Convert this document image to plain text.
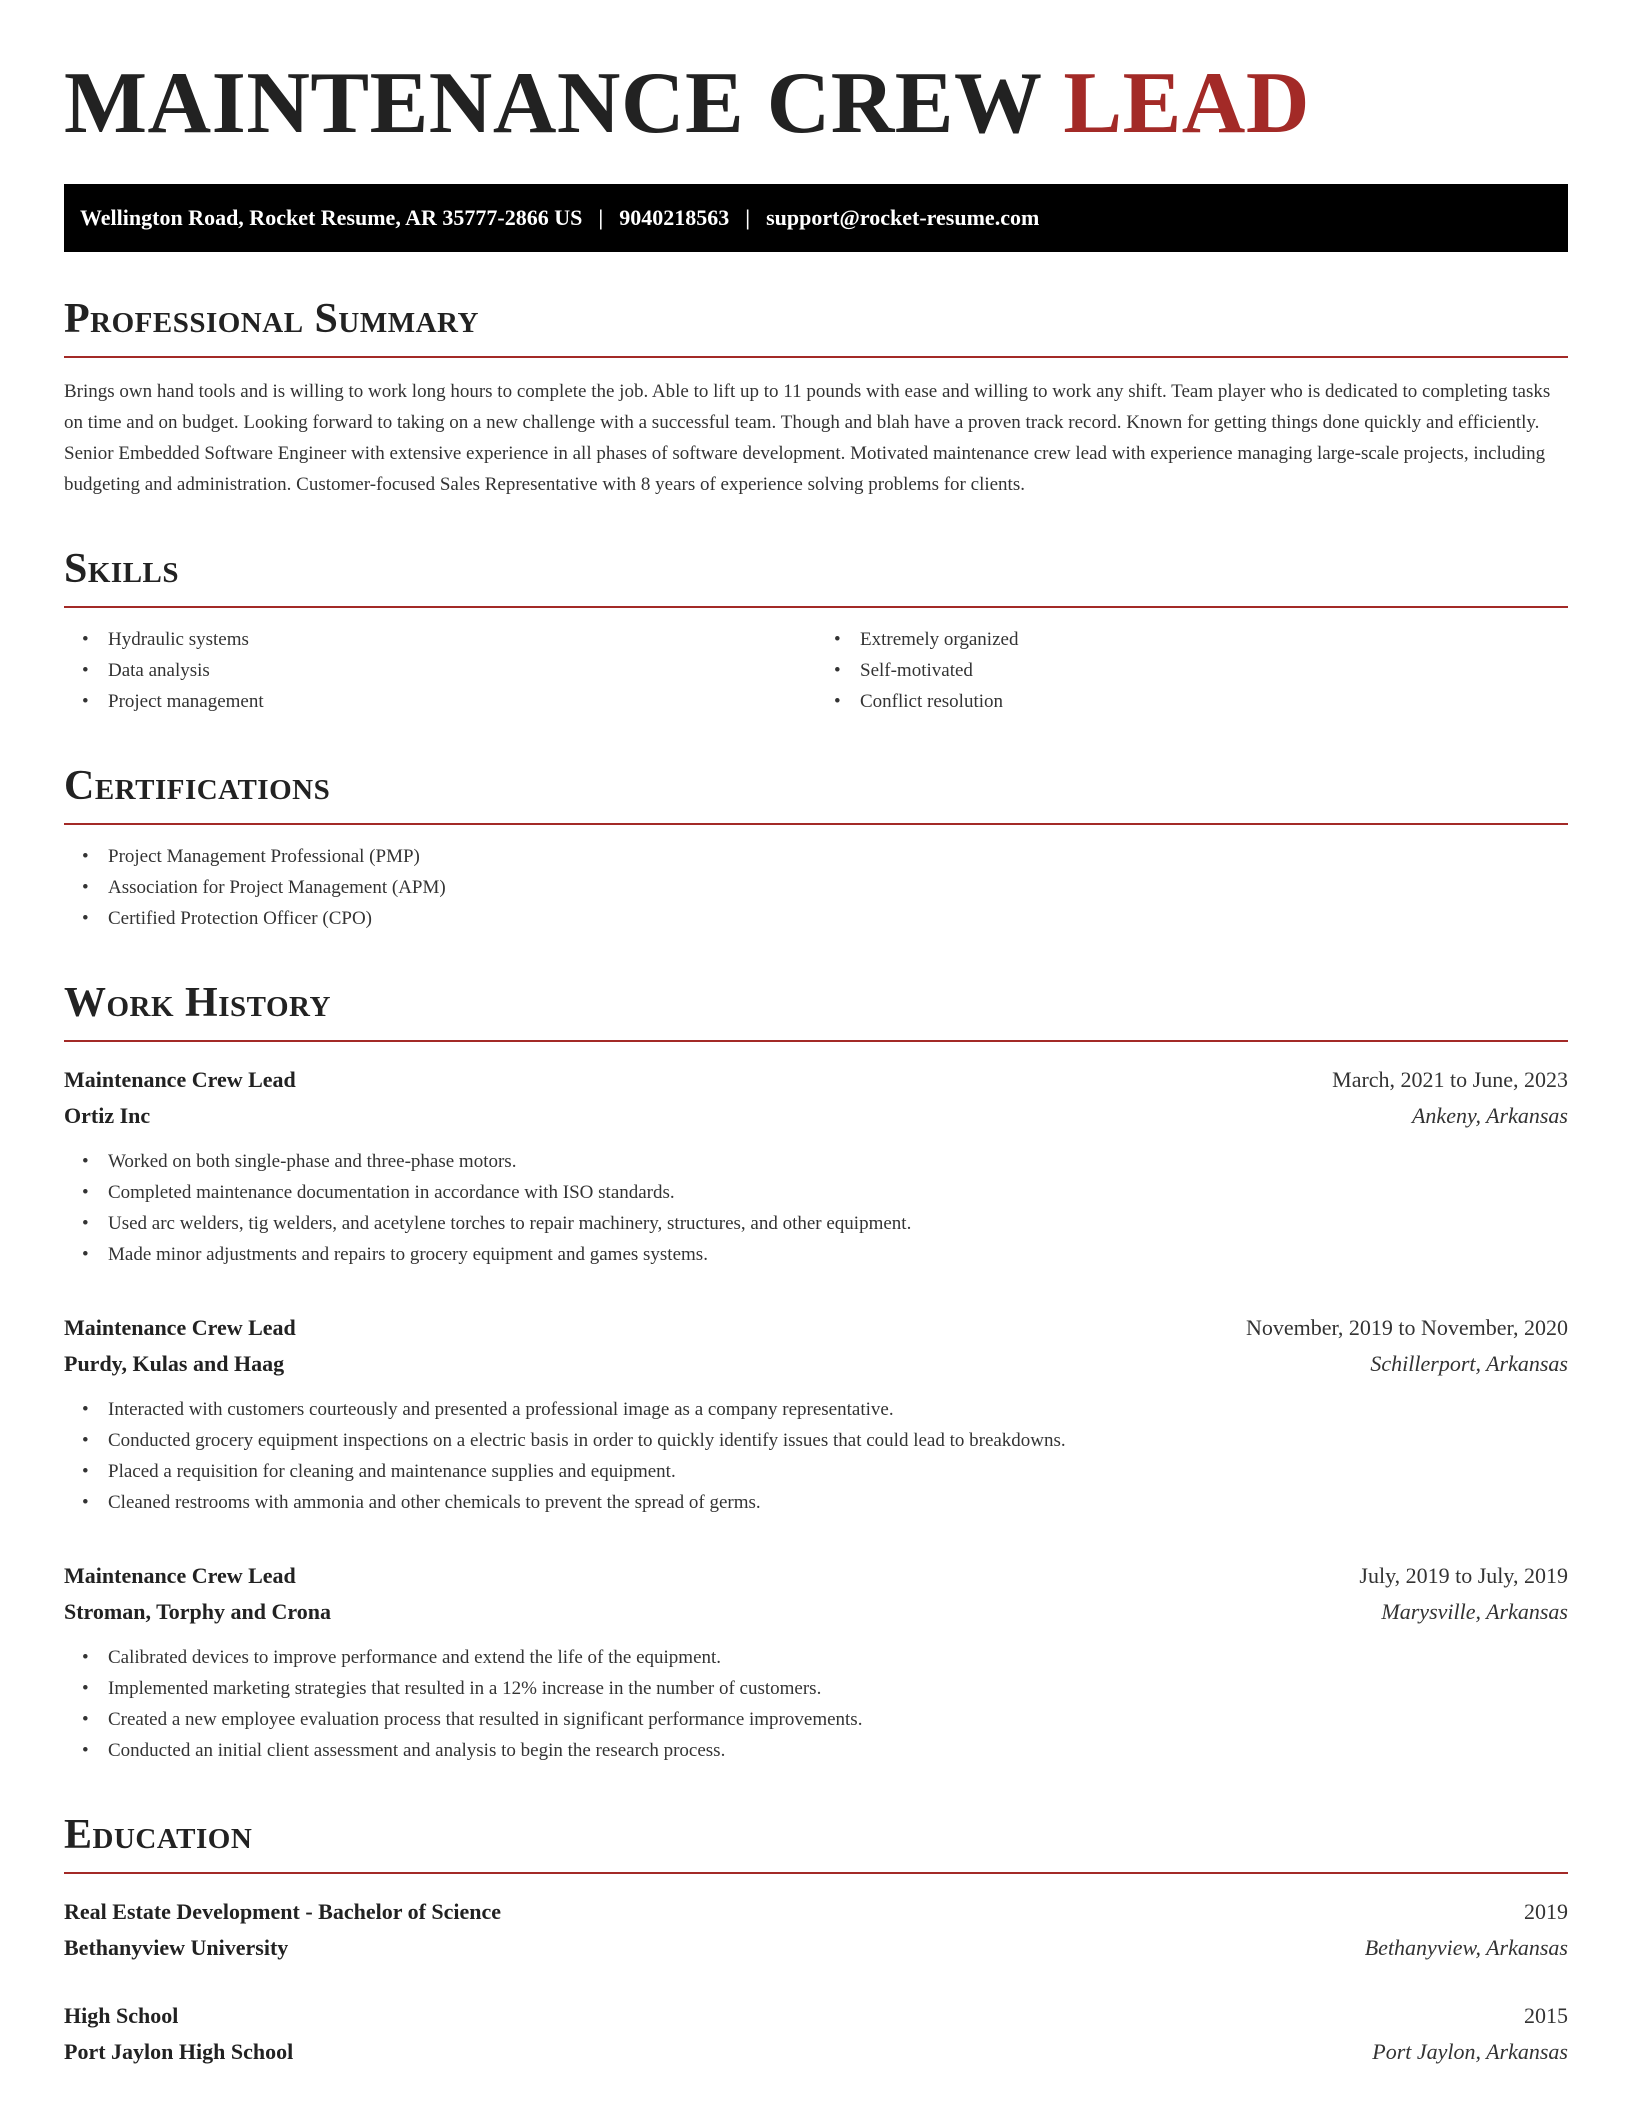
MAINTENANCE CREW LEAD
Wellington Road, Rocket Resume, AR 35777-2866 US | 9040218563 | support@rocket-resume.com
Professional Summary

Brings own hand tools and is willing to work long hours to complete the job. Able to lift up to 11 pounds with ease and willing to work any shift. Team player who is dedicated to completing tasks on time and on budget. Looking forward to taking on a new challenge with a successful team. Though and blah have a proven track record. Known for getting things done quickly and efficiently. Senior Embedded Software Engineer with extensive experience in all phases of software development. Motivated maintenance crew lead with experience managing large-scale projects, including budgeting and administration. Customer-focused Sales Representative with 8 years of experience solving problems for clients.

Skills
• Hydraulic systems
• Data analysis
• Project management
• Extremely organized
• Self-motivated
• Conflict resolution
Certifications
• Project Management Professional (PMP)
• Association for Project Management (APM)
• Certified Protection Officer (CPO)
Work History
Maintenance Crew Lead	March, 2021 to June, 2023
Ortiz Inc	Ankeny, Arkansas
• Worked on both single-phase and three-phase motors.
• Completed maintenance documentation in accordance with ISO standards.
• Used arc welders, tig welders, and acetylene torches to repair machinery, structures, and other equipment.
• Made minor adjustments and repairs to grocery equipment and games systems.
Maintenance Crew Lead	November, 2019 to November, 2020
Purdy, Kulas and Haag	Schillerport, Arkansas
• Interacted with customers courteously and presented a professional image as a company representative.
• Conducted grocery equipment inspections on a electric basis in order to quickly identify issues that could lead to breakdowns.
• Placed a requisition for cleaning and maintenance supplies and equipment.
• Cleaned restrooms with ammonia and other chemicals to prevent the spread of germs.
Maintenance Crew Lead	July, 2019 to July, 2019
Stroman, Torphy and Crona	Marysville, Arkansas
• Calibrated devices to improve performance and extend the life of the equipment.
• Implemented marketing strategies that resulted in a 12% increase in the number of customers.
• Created a new employee evaluation process that resulted in significant performance improvements.
• Conducted an initial client assessment and analysis to begin the research process.
Education
Real Estate Development - Bachelor of Science	2019
Bethanyview University	Bethanyview, Arkansas
High School	2015
Port Jaylon High School	Port Jaylon, Arkansas
